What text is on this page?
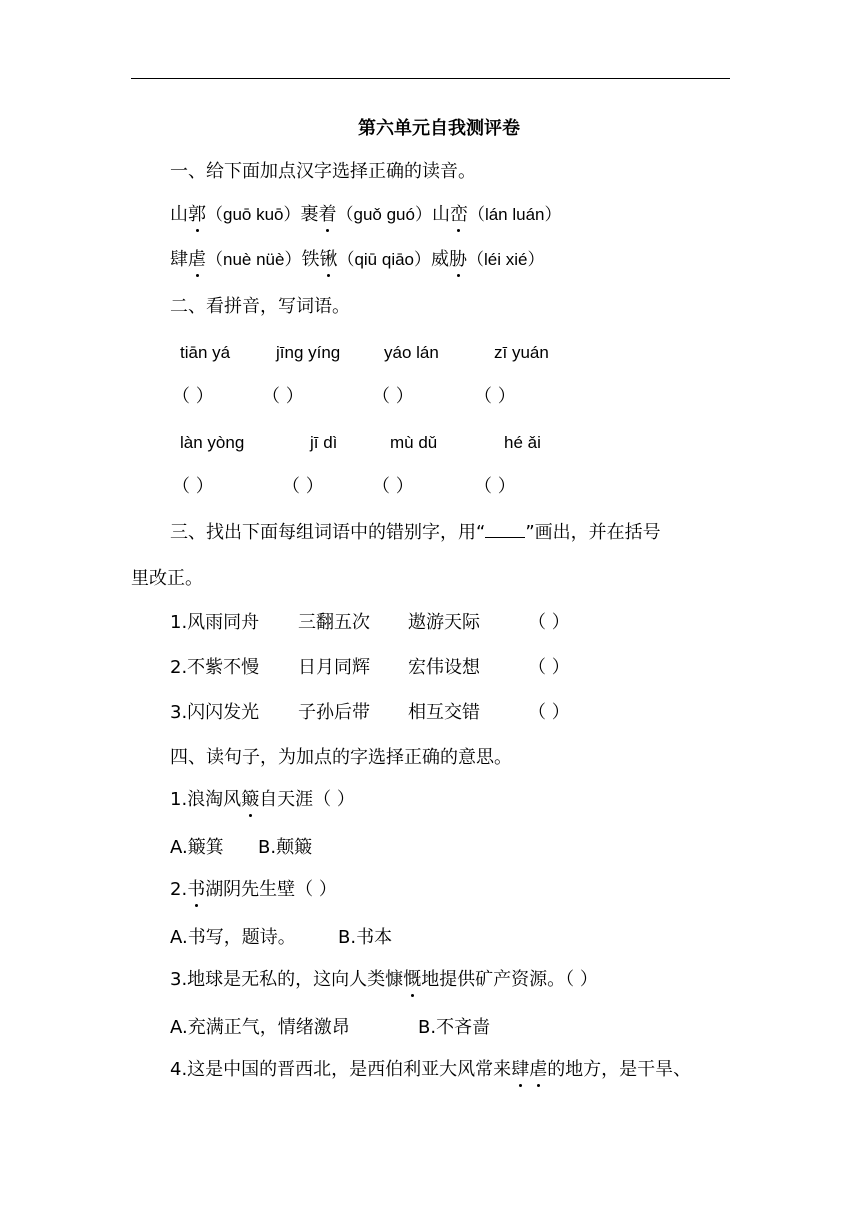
第六单元自我测评卷
一、给下面加点汉字选择正确的读音。
山郭（guō kuō）裹着（guǒ guó）山峦（lán luán）
肆虐（nuè nüè）铁锹（qiū qiāo）威胁（léi xié）
二、看拼音，写词语。
tiān yá	jīng yíng	yáo lán	zī yuán
（ ）	（ ）	（ ）	（ ）
làn yòng	jī dì	mù dǔ	hé ǎi
（ ）	（ ）	（ ）	（ ）
三、找出下面每组词语中的错别字，用“ ”画出，并在括号
里改正。
1.风雨同舟 三翻五次 遨游天际	（ ）
2.不紫不慢 日月同辉 宏伟设想	（ ）
3.闪闪发光 子孙后带 相互交错	（ ）
四、读句子，为加点的字选择正确的意思。
1.浪淘风簸自天涯（ ）
A.簸箕 B.颠簸
2.书湖阴先生壁（ ）
A.书写，题诗。 B.书本
3.地球是无私的，这向人类慷慨地提供矿产资源。（ ）
A.充满正气，情绪激昂	B.不吝啬
4.这是中国的晋西北，是西伯利亚大风常来肆虐的地方，是干旱、
